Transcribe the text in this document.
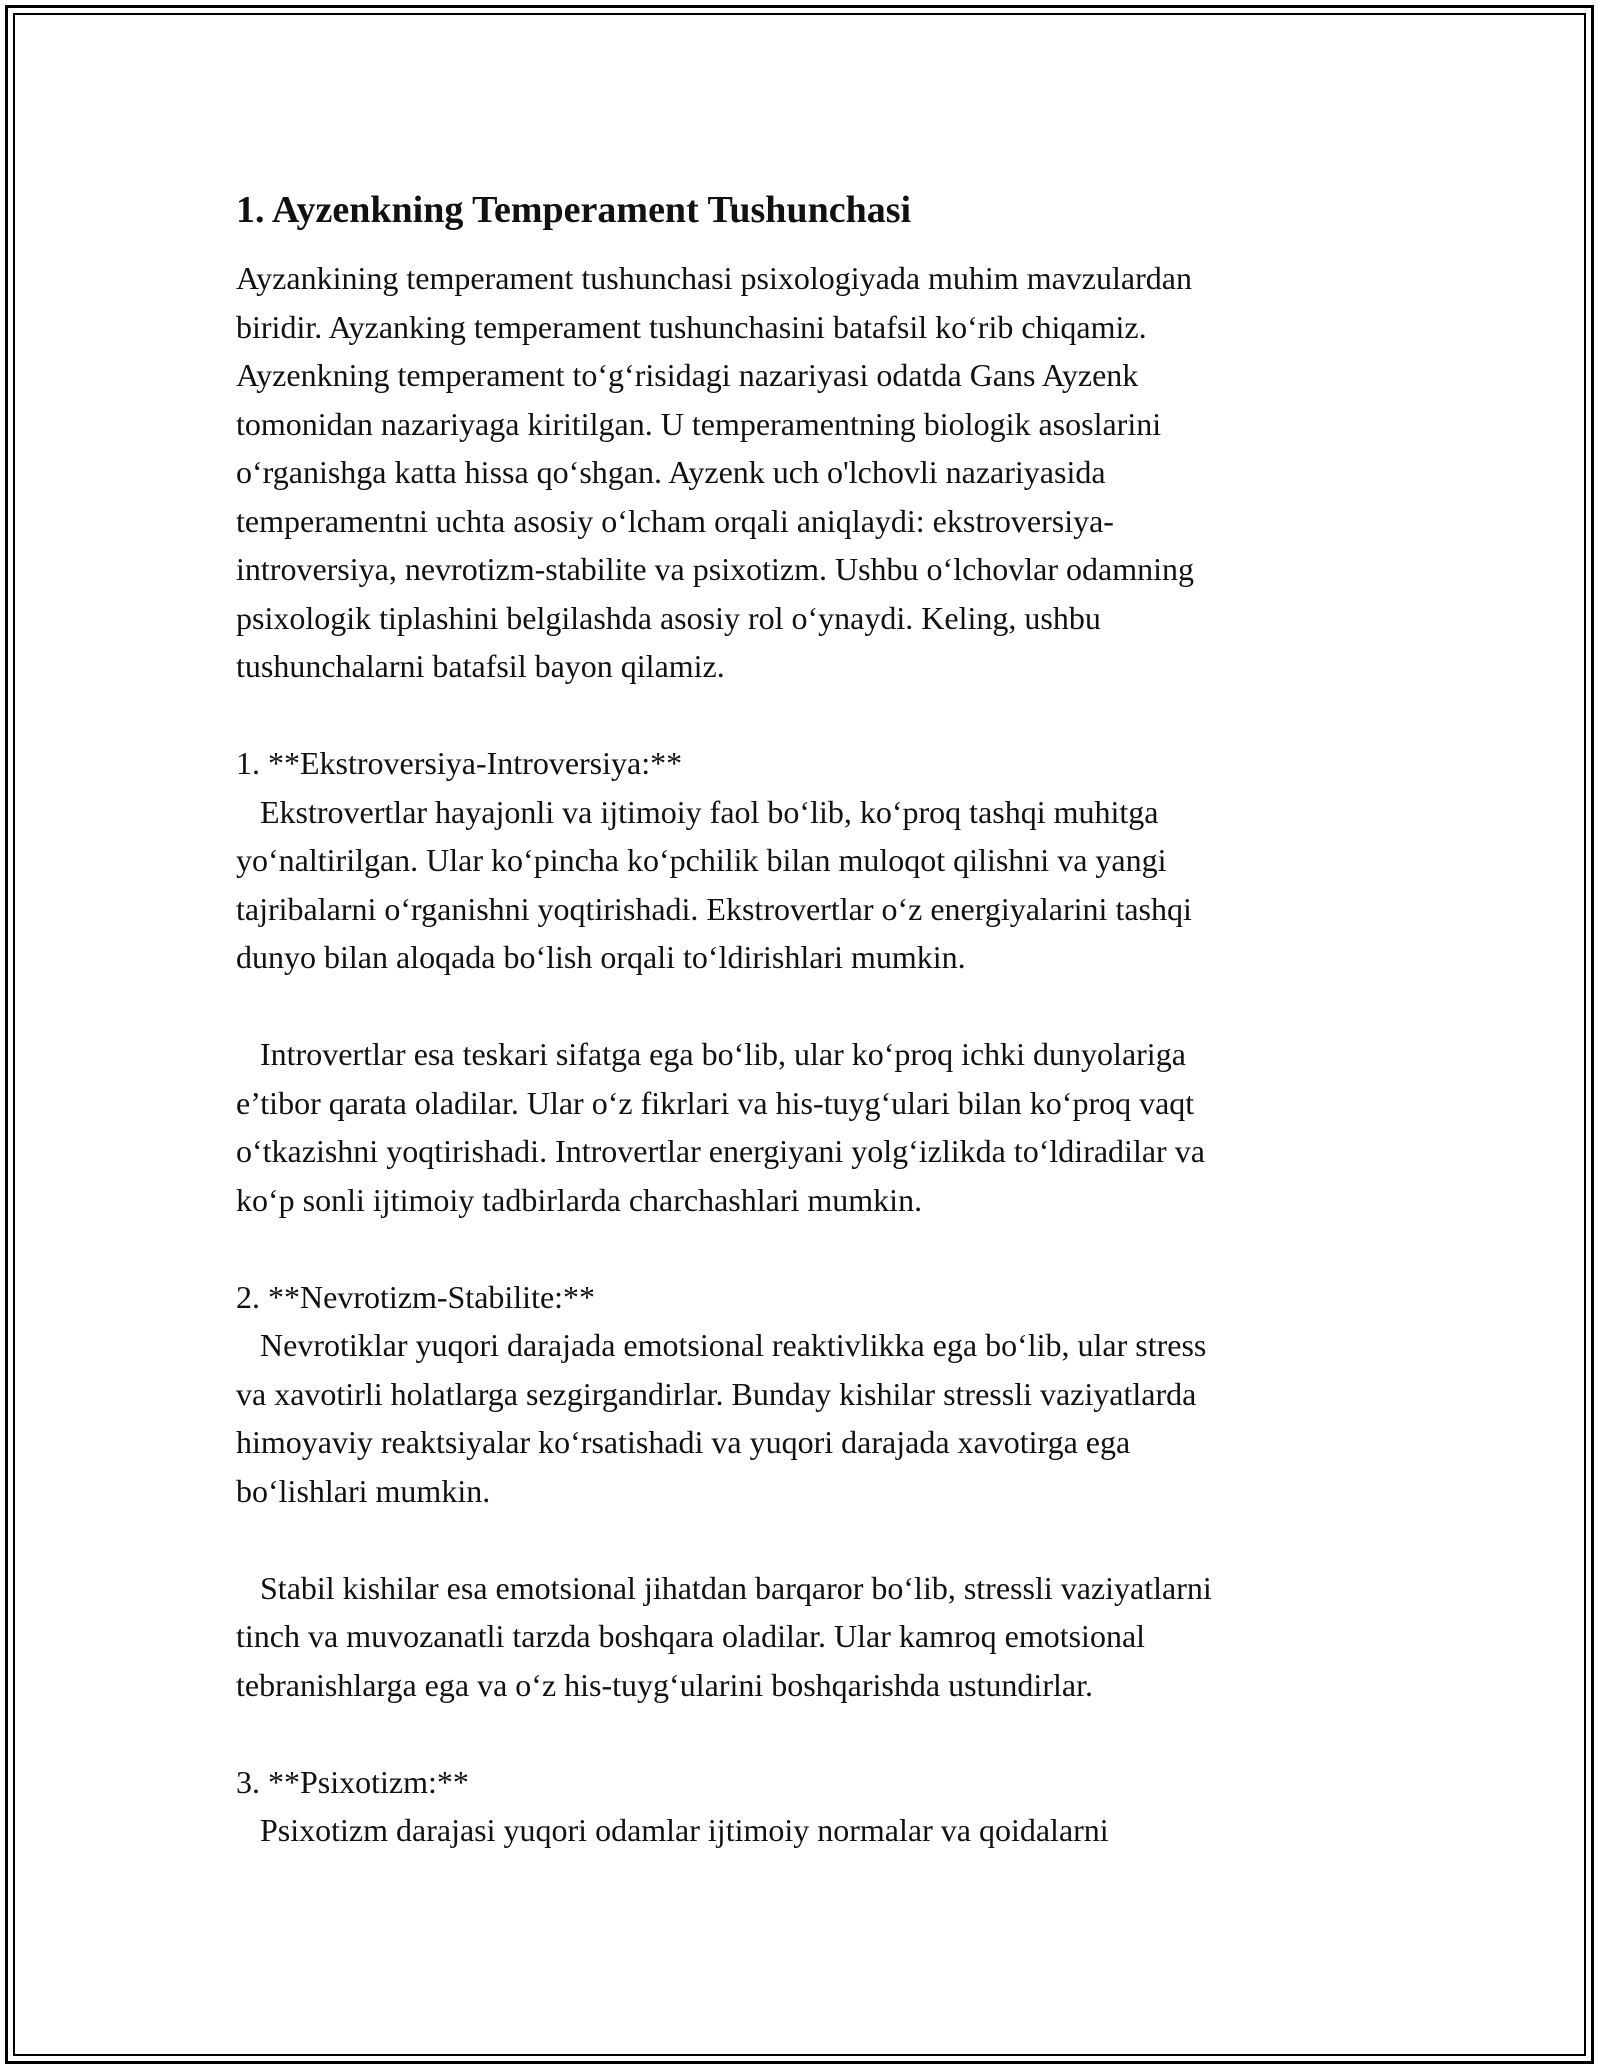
1. Ayzenkning Temperament Tushunchasi

Ayzankining temperament tushunchasi psixologiyada muhim mavzulardan
biridir. Ayzanking temperament tushunchasini batafsil ko‘rib chiqamiz.
Ayzenkning temperament to‘g‘risidagi nazariyasi odatda Gans Ayzenk
tomonidan nazariyaga kiritilgan. U temperamentning biologik asoslarini
o‘rganishga katta hissa qo‘shgan. Ayzenk uch o'lchovli nazariyasida
temperamentni uchta asosiy o‘lcham orqali aniqlaydi: ekstroversiya-
introversiya, nevrotizm-stabilite va psixotizm. Ushbu o‘lchovlar odamning
psixologik tiplashini belgilashda asosiy rol o‘ynaydi. Keling, ushbu
tushunchalarni batafsil bayon qilamiz.

1. **Ekstroversiya-Introversiya:**
Ekstrovertlar hayajonli va ijtimoiy faol bo‘lib, ko‘proq tashqi muhitga
yo‘naltirilgan. Ular ko‘pincha ko‘pchilik bilan muloqot qilishni va yangi
tajribalarni o‘rganishni yoqtirishadi. Ekstrovertlar o‘z energiyalarini tashqi
dunyo bilan aloqada bo‘lish orqali to‘ldirishlari mumkin.
Introvertlar esa teskari sifatga ega bo‘lib, ular ko‘proq ichki dunyolariga
e’tibor qarata oladilar. Ular o‘z fikrlari va his-tuyg‘ulari bilan ko‘proq vaqt
o‘tkazishni yoqtirishadi. Introvertlar energiyani yolg‘izlikda to‘ldiradilar va
ko‘p sonli ijtimoiy tadbirlarda charchashlari mumkin.

2. **Nevrotizm-Stabilite:**
Nevrotiklar yuqori darajada emotsional reaktivlikka ega bo‘lib, ular stress
va xavotirli holatlarga sezgirgandirlar. Bunday kishilar stressli vaziyatlarda
himoyaviy reaktsiyalar ko‘rsatishadi va yuqori darajada xavotirga ega
bo‘lishlari mumkin.
Stabil kishilar esa emotsional jihatdan barqaror bo‘lib, stressli vaziyatlarni
tinch va muvozanatli tarzda boshqara oladilar. Ular kamroq emotsional
tebranishlarga ega va o‘z his-tuyg‘ularini boshqarishda ustundirlar.

3. **Psixotizm:**
Psixotizm darajasi yuqori odamlar ijtimoiy normalar va qoidalarni
